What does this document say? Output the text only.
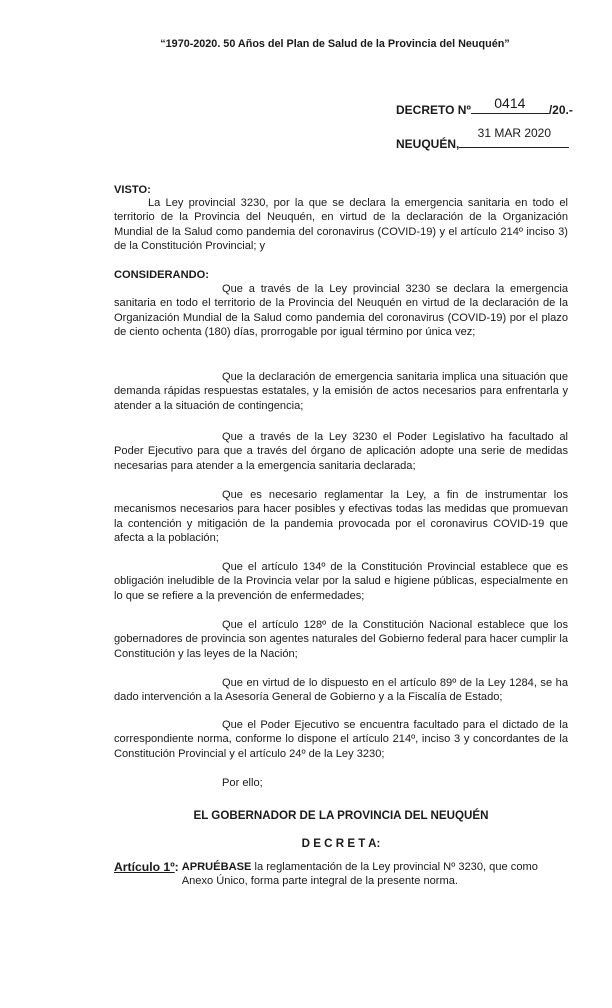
“1970-2020. 50 Años del Plan de Salud de la Provincia del Neuquén”
DECRETO Nº	0414	/20.-
NEUQUÉN,
31 MAR 2020
VISTO:
La Ley provincial 3230, por la que se declara la emergencia sanitaria en todo el territorio de la Provincia del Neuquén, en virtud de la declaración de la Organización Mundial de la Salud como pandemia del coronavirus (COVID-19) y el artículo 214º inciso 3) de la Constitución Provincial; y
CONSIDERANDO:
Que a través de la Ley provincial 3230 se declara la emergencia sanitaria en todo el territorio de la Provincia del Neuquén en virtud de la declaración de la Organización Mundial de la Salud como pandemia del coronavirus (COVID-19) por el plazo de ciento ochenta (180) días, prorrogable por igual término por única vez;
Que la declaración de emergencia sanitaria implica una situación que demanda rápidas respuestas estatales, y la emisión de actos necesarios para enfrentarla y atender a la situación de contingencia;
Que a través de la Ley 3230 el Poder Legislativo ha facultado al Poder Ejecutivo para que a través del órgano de aplicación adopte una serie de medidas necesarias para atender a la emergencia sanitaria declarada;
Que es necesario reglamentar la Ley, a fin de instrumentar los mecanismos necesarios para hacer posibles y efectivas todas las medidas que promuevan la contención y mitigación de la pandemia provocada por el coronavirus COVID-19 que afecta a la población;
Que el artículo 134º de la Constitución Provincial establece que es obligación ineludible de la Provincia velar por la salud e higiene públicas, especialmente en lo que se refiere a la prevención de enfermedades;
Que el artículo 128º de la Constitución Nacional establece que los gobernadores de provincia son agentes naturales del Gobierno federal para hacer cumplir la Constitución y las leyes de la Nación;
Que en virtud de lo dispuesto en el artículo 89º de la Ley 1284, se ha dado intervención a la Asesoría General de Gobierno y a la Fiscalía de Estado;
Que el Poder Ejecutivo se encuentra facultado para el dictado de la correspondiente norma, conforme lo dispone el artículo 214º, inciso 3 y concordantes de la Constitución Provincial y el artículo 24º de la Ley 3230;
Por ello;
EL GOBERNADOR DE LA PROVINCIA DEL NEUQUÉN
D E C R E T A:
Artículo 1º : APRUÉBASE la reglamentación de la Ley provincial Nº 3230, que como Anexo Único, forma parte integral de la presente norma.
